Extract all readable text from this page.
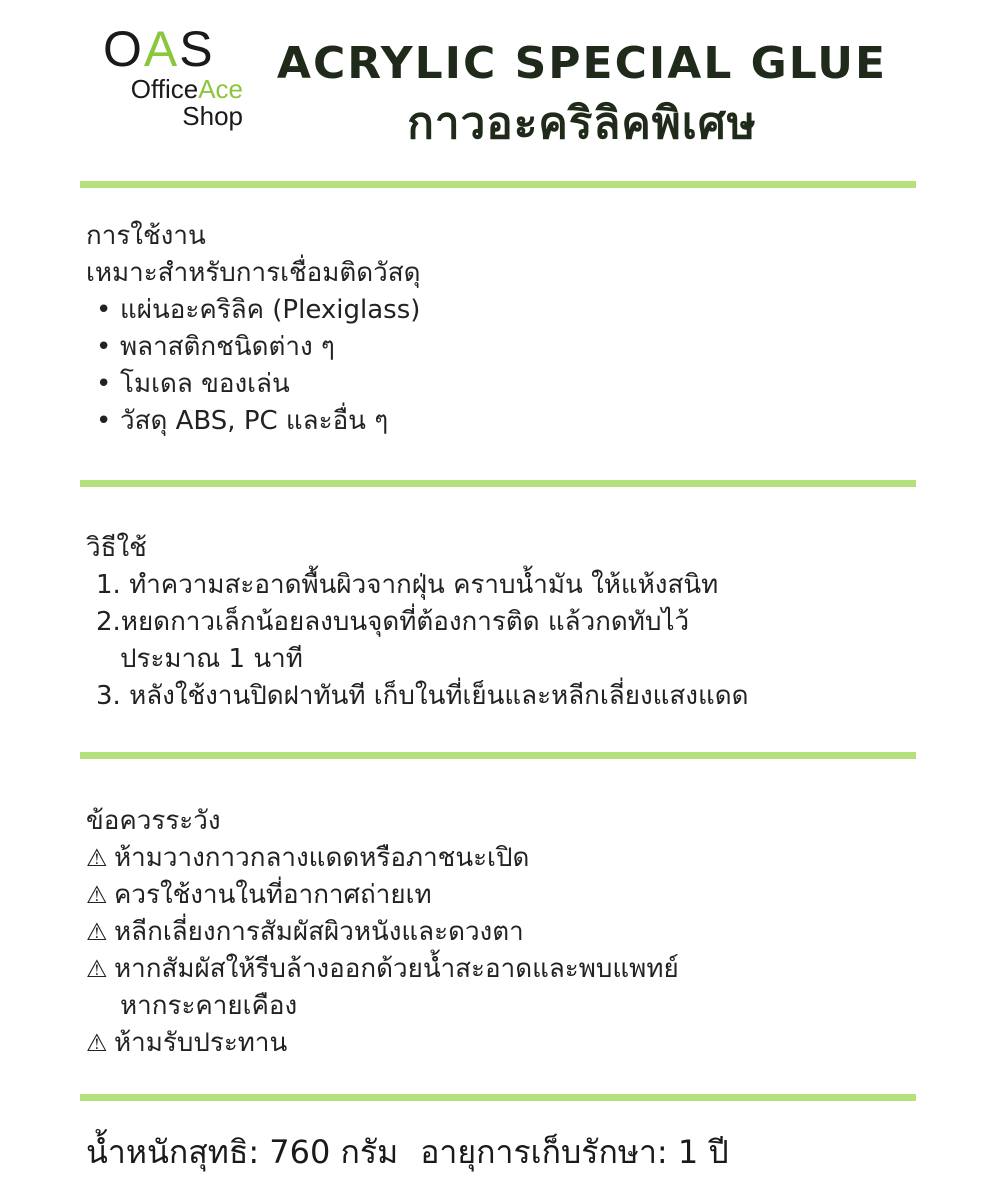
OAS
OfficeAce
Shop
ACRYLIC SPECIAL GLUE
กาวอะคริลิคพิเศษ
การใช้งาน
เหมาะสำหรับการเชื่อมติดวัสดุ
• แผ่นอะคริลิค (Plexiglass)
• พลาสติกชนิดต่าง ๆ
• โมเดล ของเล่น
• วัสดุ ABS, PC และอื่น ๆ
วิธีใช้
1. ทำความสะอาดพื้นผิวจากฝุ่น คราบน้ำมัน ให้แห้งสนิท
2.หยดกาวเล็กน้อยลงบนจุดที่ต้องการติด แล้วกดทับไว้
ประมาณ 1 นาที
3. หลังใช้งานปิดฝาทันที เก็บในที่เย็นและหลีกเลี่ยงแสงแดด
ข้อควรระวัง
⚠ ห้ามวางกาวกลางแดดหรือภาชนะเปิด
⚠ ควรใช้งานในที่อากาศถ่ายเท
⚠ หลีกเลี่ยงการสัมผัสผิวหนังและดวงตา
⚠ หากสัมผัสให้รีบล้างออกด้วยน้ำสะอาดและพบแพทย์
หากระคายเคือง
⚠ ห้ามรับประทาน
น้ำหนักสุทธิ: 760 กรัม อายุการเก็บรักษา: 1 ปี
